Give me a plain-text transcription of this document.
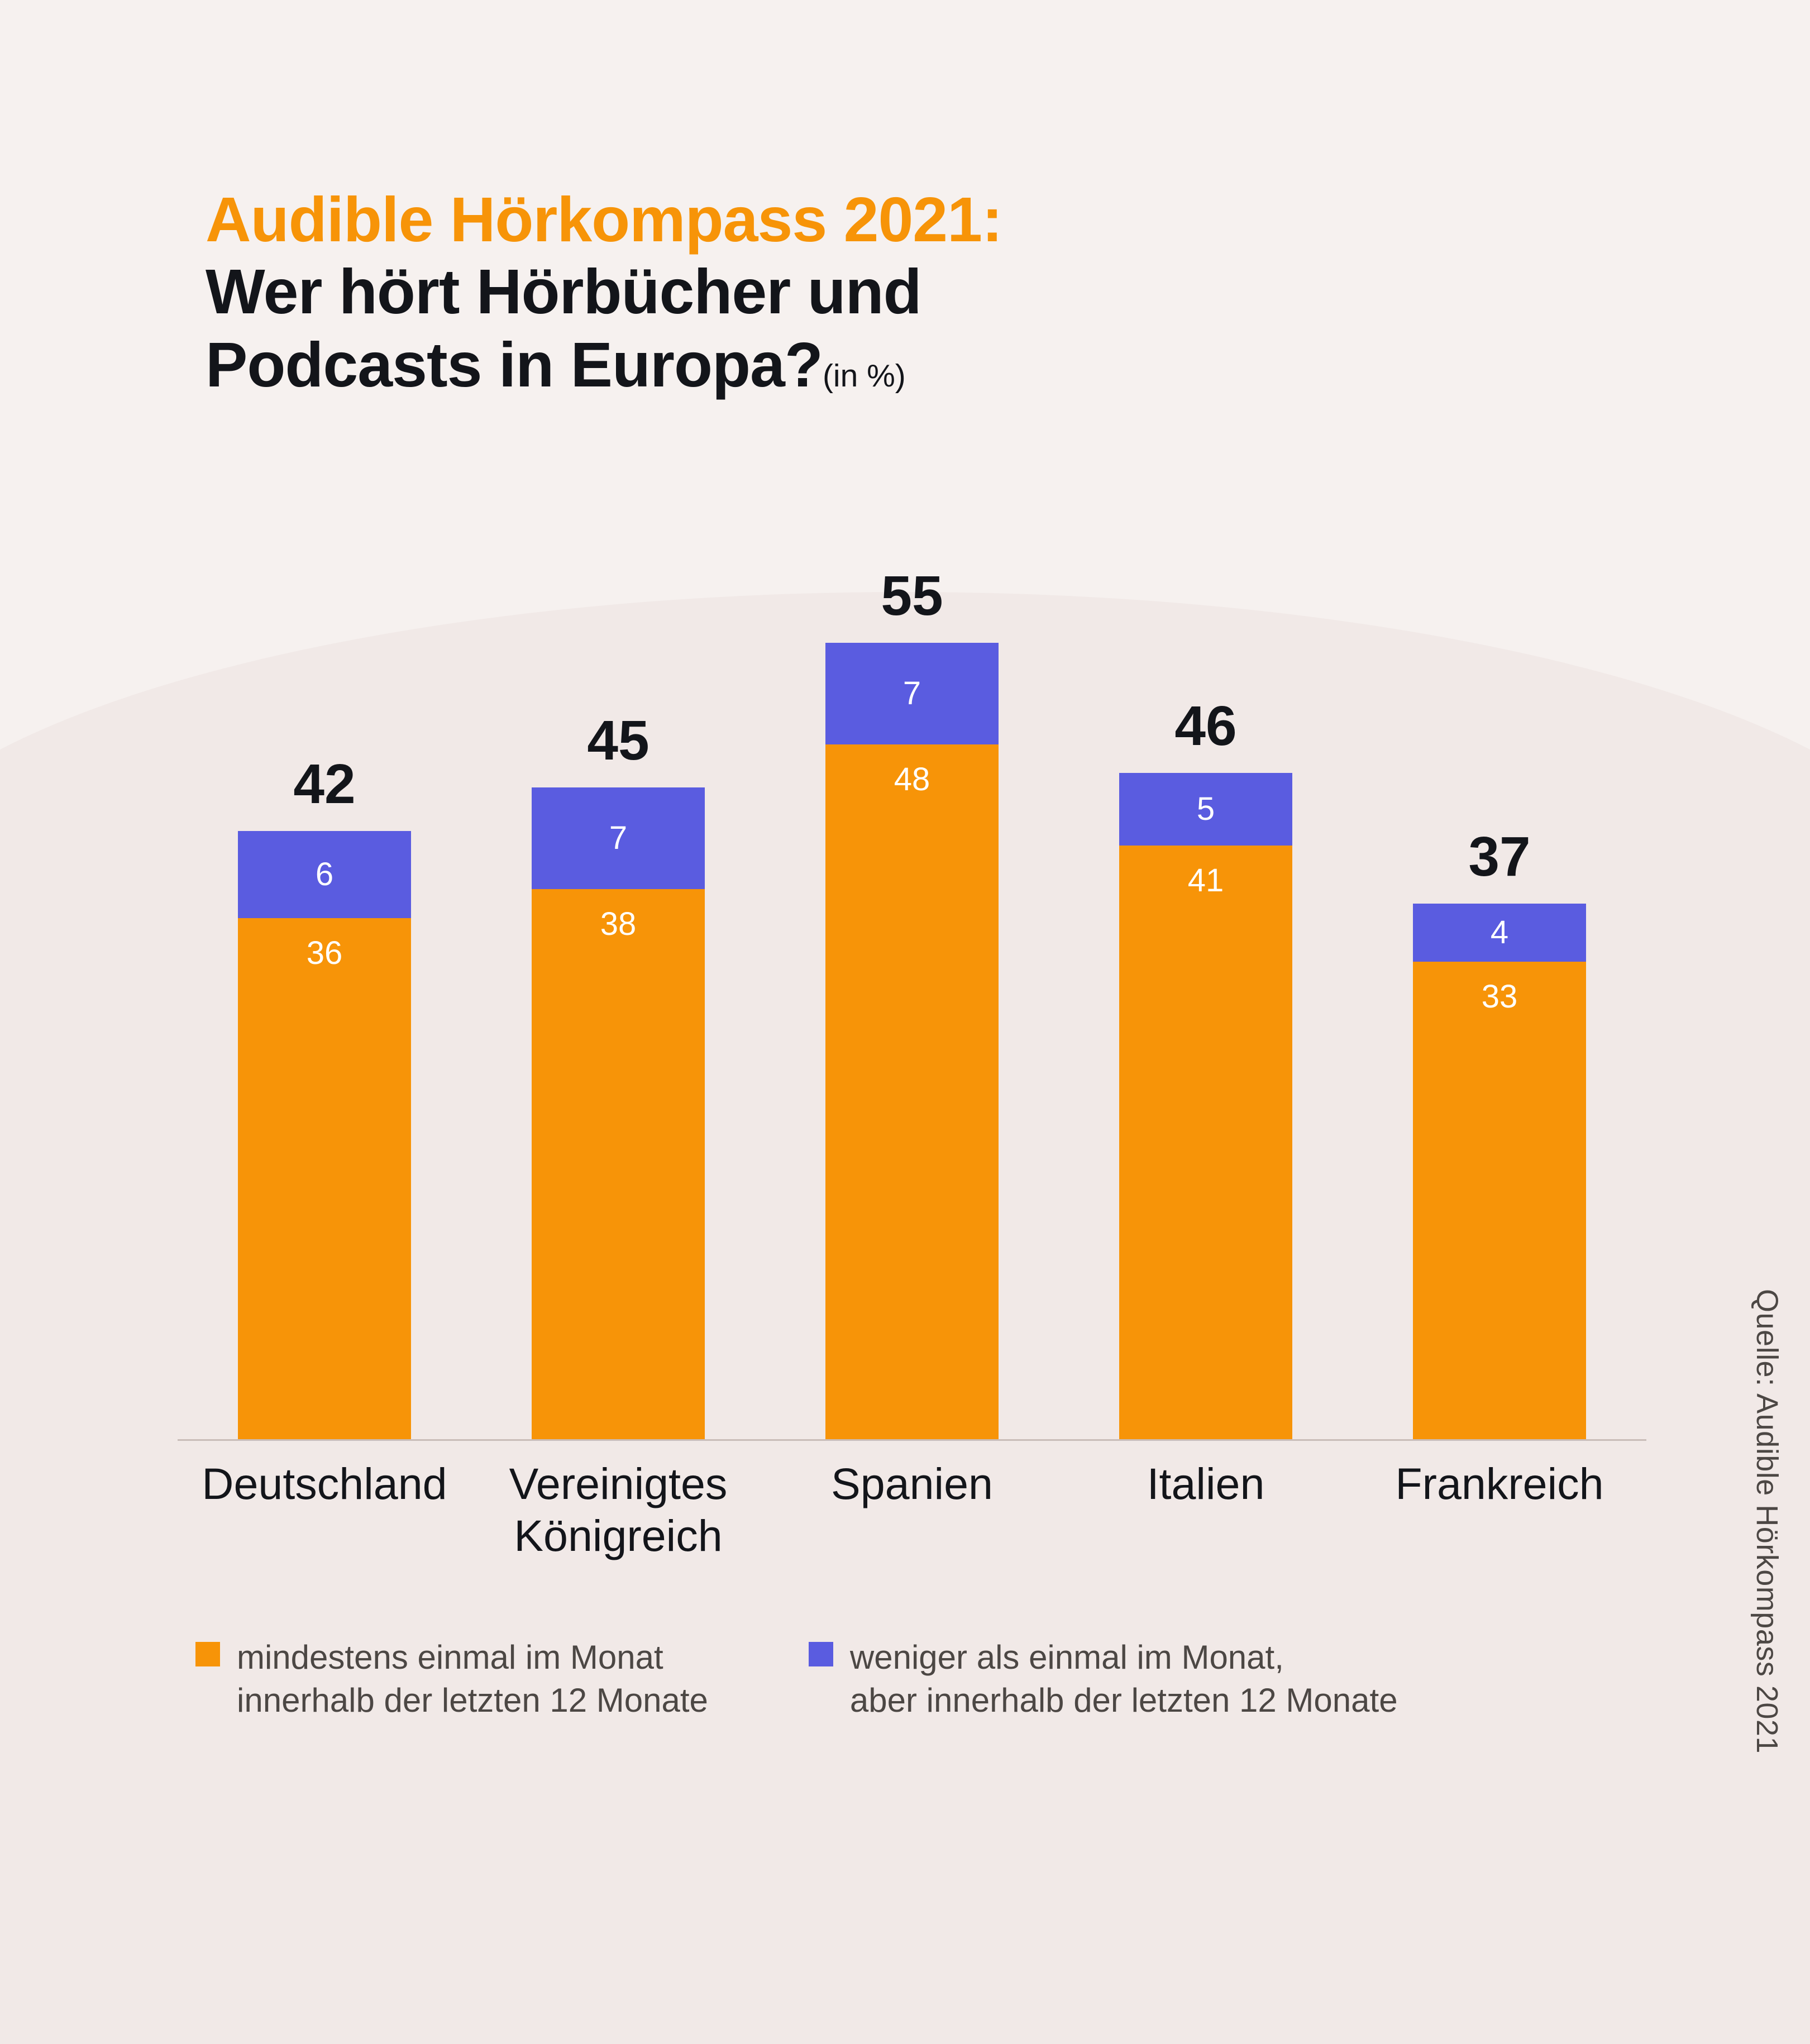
Audible Hörkompass 2021:
Wer hört Hörbücher und
Podcasts in Europa?(in %)
42
6
36
45
7
38
55
7
48
46
5
41	37
4
33
Deutschland	Vereinigtes
Königreich
Spanien	Italien	Frankreich
mindestens einmal im Monat
innerhalb der letzten 12 Monate
weniger als einmal im Monat,
aber innerhalb der letzten 12 Monate	Quelle: Audible Hörkompass 2021
